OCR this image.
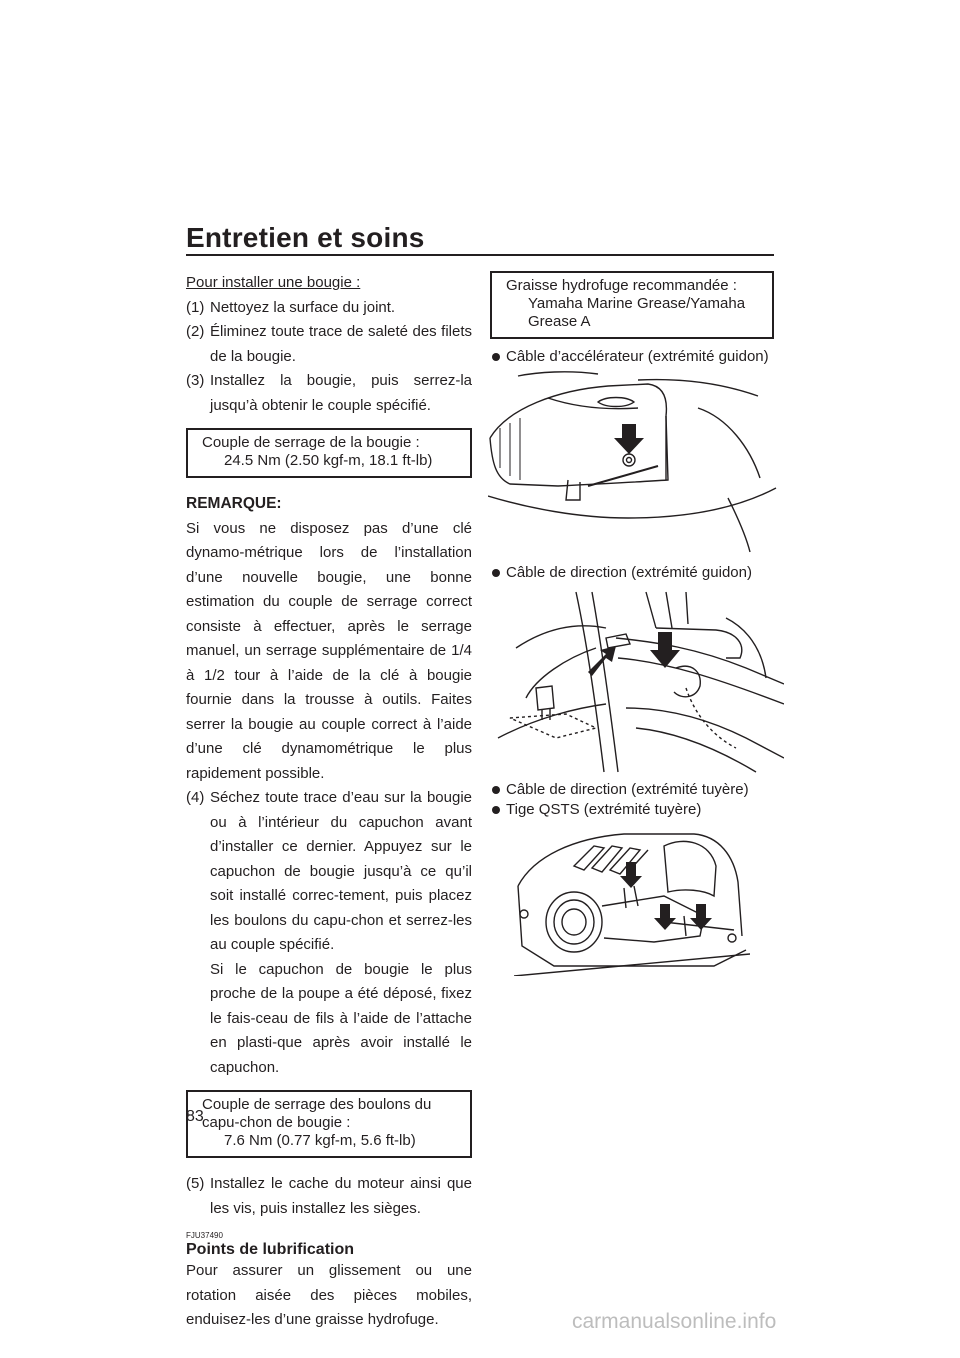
Entretien et soins
Pour installer une bougie :
(1) Nettoyez la surface du joint.
(2) Éliminez toute trace de saleté des filets de la bougie.
(3) Installez la bougie, puis serrez-la jusqu’à obtenir le couple spécifié.
Couple de serrage de la bougie :
24.5 Nm (2.50 kgf-m, 18.1 ft-lb)
REMARQUE:
Si vous ne disposez pas d’une clé dynamo-métrique lors de l’installation d’une nouvelle bougie, une bonne estimation du couple de serrage correct consiste à effectuer, après le serrage manuel, un serrage supplémentaire de 1/4 à 1/2 tour à l’aide de la clé à bougie fournie dans la trousse à outils. Faites serrer la bougie au couple correct à l’aide d’une clé dynamométrique le plus rapidement possible.
(4) Séchez toute trace d’eau sur la bougie ou à l’intérieur du capuchon avant d’installer ce dernier. Appuyez sur le capuchon de bougie jusqu’à ce qu’il soit installé correc-tement, puis placez les boulons du capu-chon et serrez-les au couple spécifié.
Si le capuchon de bougie le plus proche de la poupe a été déposé, fixez le fais-ceau de fils à l’aide de l’attache en plasti-que après avoir installé le capuchon.
Couple de serrage des boulons du capu-chon de bougie :
7.6 Nm (0.77 kgf-m, 5.6 ft-lb)
(5) Installez le cache du moteur ainsi que les vis, puis installez les sièges.
FJU37490
Points de lubrification
Pour assurer un glissement ou une rotation aisée des pièces mobiles, enduisez-les d’une graisse hydrofuge.
Graisse hydrofuge recommandée :
Yamaha Marine Grease/Yamaha Grease A
Câble d’accélérateur (extrémité guidon)
Câble de direction (extrémité guidon)
Câble de direction (extrémité tuyère)
Tige QSTS (extrémité tuyère)
83
carmanualsonline.info
